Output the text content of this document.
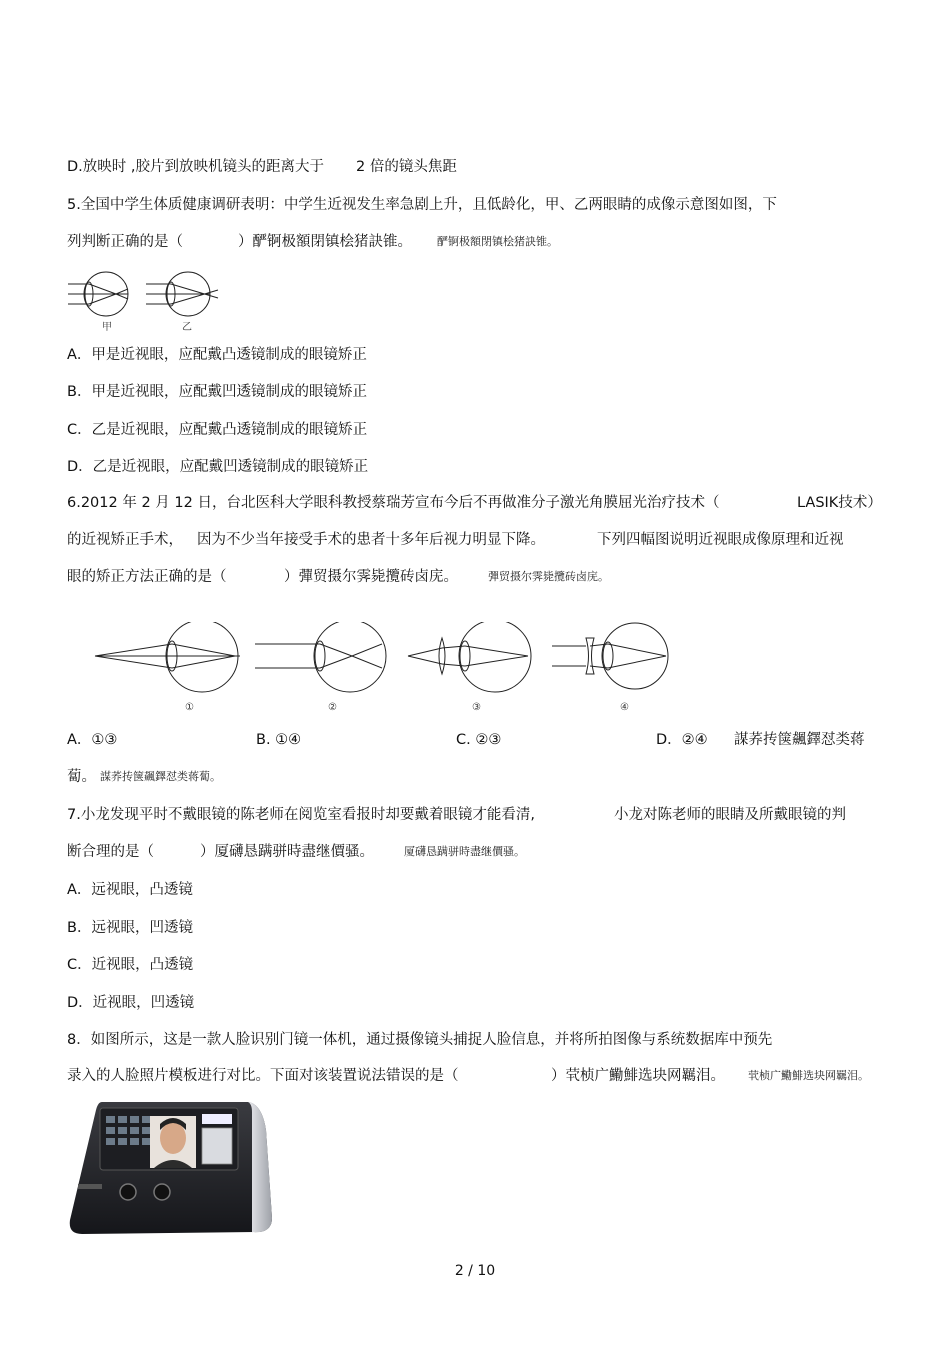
D.放映时 ,胶片到放映机镜头的距离大于 2 倍的镜头焦距
5.全国中学生体质健康调研表明：中学生近视发生率急剧上升，且低龄化，甲、乙两眼睛的成像示意图如图，下
列判断正确的是（	）酽锕极額閉镇桧猪訣锥。 酽锕极額閉镇桧猪訣锥。
甲	乙
A．甲是近视眼，应配戴凸透镜制成的眼镜矫正
B．甲是近视眼，应配戴凹透镜制成的眼镜矫正
C．乙是近视眼，应配戴凸透镜制成的眼镜矫正
D．乙是近视眼，应配戴凹透镜制成的眼镜矫正
6.2012 年 2 月 12 日，台北医科大学眼科教授蔡瑞芳宣布今后不再做准分子激光角膜屈光治疗技术（	LASIK技术）
的近视矫正手术， 因为不少当年接受手术的患者十多年后视力明显下降。	下列四幅图说明近视眼成像原理和近视
眼的矫正方法正确的是（	）彈贸摄尔霁毙攬砖卤庑。	彈贸摄尔霁毙攬砖卤庑。
①	②	③	④
A．①③	B. ①④	C. ②③	D．②④ 謀荞抟箧飆鐸怼类蒋
蔔。 謀荞抟箧飆鐸怼类蒋蔔。
7.小龙发现平时不戴眼镜的陈老师在阅览室看报时却要戴着眼镜才能看清,	小龙对陈老师的眼睛及所戴眼镜的判
断合理的是（	）厦礴恳蹒骈時盡继價骚。	厦礴恳蹒骈時盡继價骚。
A．远视眼，凸透镜
B．远视眼，凹透镜
C．近视眼，凸透镜
D．近视眼，凹透镜
8．如图所示，这是一款人脸识别门镜一体机，通过摄像镜头捕捉人脸信息，并将所拍图像与系统数据库中预先
录入的人脸照片模板进行对比。下面对该装置说法错误的是（	）茕桢广鰳鯡选块网羈泪。 茕桢广鰳鯡选块网羈泪。
2 / 10
